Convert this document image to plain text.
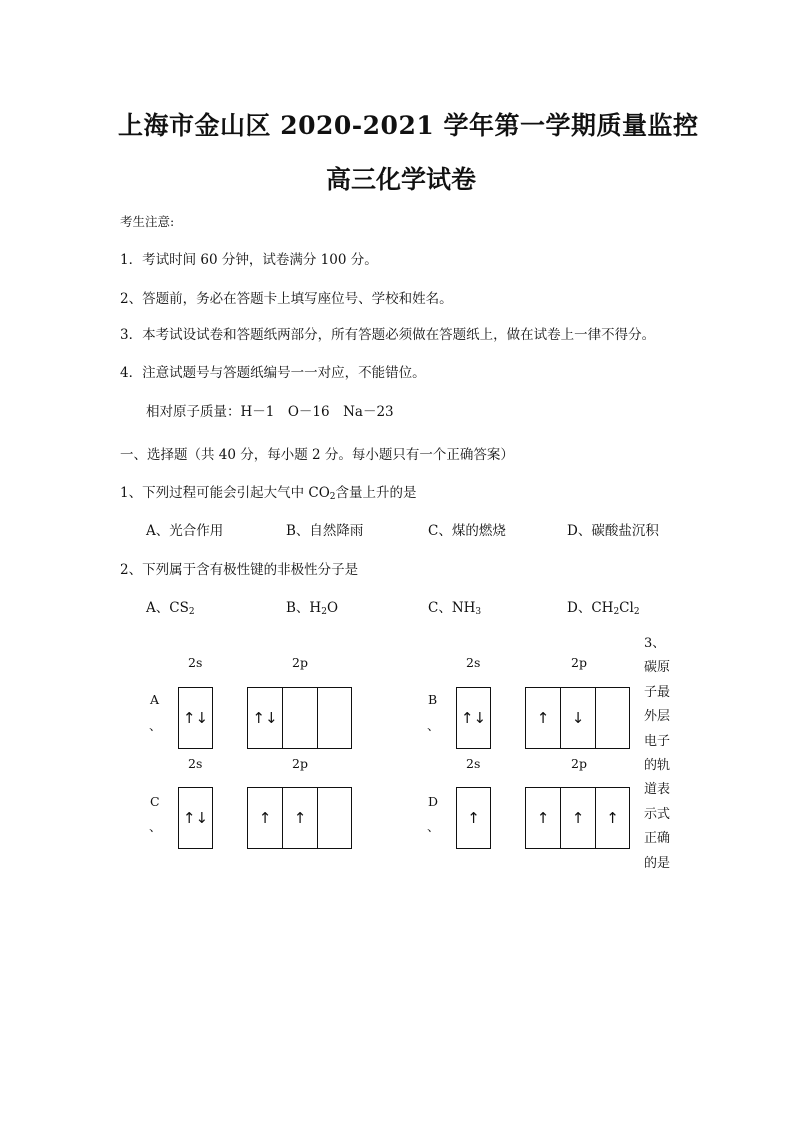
上海市金山区 2020-2021 学年第一学期质量监控
高三化学试卷
考生注意:
1．考试时间 60 分钟，试卷满分 100 分。
2、答题前，务必在答题卡上填写座位号、学校和姓名。
3．本考试设试卷和答题纸两部分，所有答题必须做在答题纸上，做在试卷上一律不得分。
4．注意试题号与答题纸编号一一对应，不能错位。
相对原子质量：H－1　O－16　Na－23
一、选择题（共 40 分，每小题 2 分。每小题只有一个正确答案）
1、下列过程可能会引起大气中 $CO_2$含量上升的是
A、光合作用	B、自然降雨	C、煤的燃烧	D、碳酸盐沉积
2、下列属于含有极性键的非极性分子是
A、$CS_2$	B、$H_2O$	C、$NH_3$	D、$CH_2Cl_2$
3、碳原子最外层电子的轨道表示式正确的是
2s	2p
A
、 ↑↓	↑↓
2s	2p
B
、 ↑↓	↑	↓
2s	2p
C
、 ↑↓	↑	↑
2s	2p
D
、	↑	↑	↑	↑
